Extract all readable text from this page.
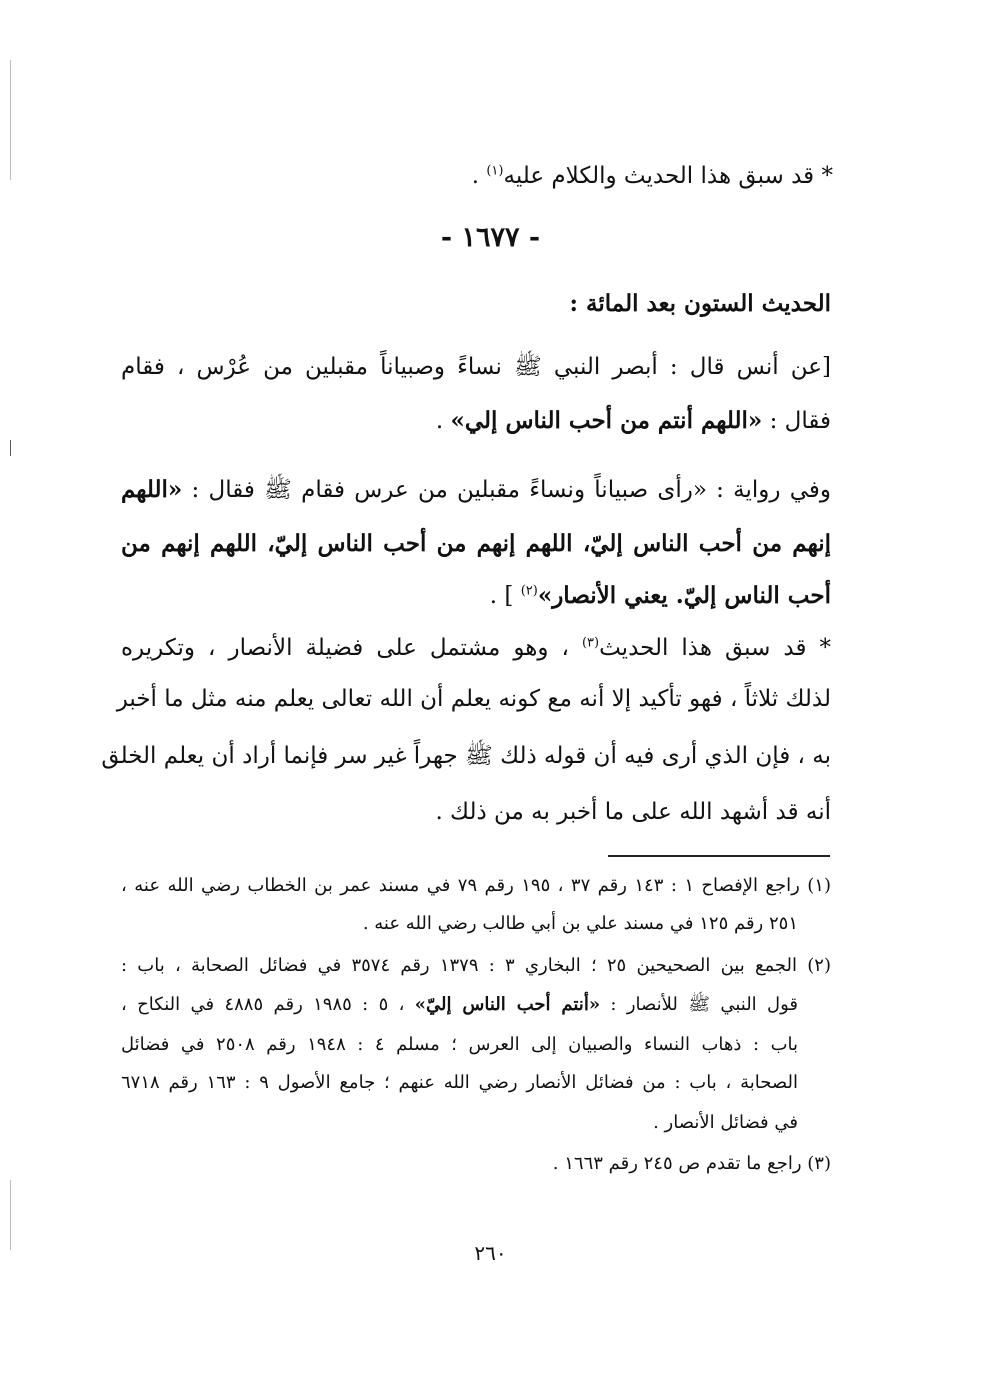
* قد سبق هذا الحديث والكلام عليه$^{(١)}$ .
- ١٦٧٧ -
الحديث الستون بعد المائة :
[عن أنس قال : أبصر النبي ﷺ نساءً وصبياناً مقبلين من عُرْس ، فقام
فقال : «اللهم أنتم من أحب الناس إلي» .
وفي رواية : «رأى صبياناً ونساءً مقبلين من عرس فقام ﷺ فقال : «اللهم
إنهم من أحب الناس إليّ، اللهم إنهم من أحب الناس إليّ، اللهم إنهم من
أحب الناس إليّ. يعني الأنصار»$^{(٢)}$ ] .
* قد سبق هذا الحديث$^{(٣)}$ ، وهو مشتمل على فضيلة الأنصار ، وتكريره
لذلك ثلاثاً ، فهو تأكيد إلا أنه مع كونه يعلم أن الله تعالى يعلم منه مثل ما أخبر
به ، فإن الذي أرى فيه أن قوله ذلك ﷺ جهراً غير سر فإنما أراد أن يعلم الخلق
أنه قد أشهد الله على ما أخبر به من ذلك .
(١) راجع الإفصاح ١ : ١٤٣ رقم ٣٧ ، ١٩٥ رقم ٧٩ في مسند عمر بن الخطاب رضي الله عنه ،
٢٥١ رقم ١٢٥ في مسند علي بن أبي طالب رضي الله عنه .
(٢) الجمع بين الصحيحين ٢٥ ؛ البخاري ٣ : ١٣٧٩ رقم ٣٥٧٤ في فضائل الصحابة ، باب :
قول النبي ﷺ للأنصار : «أنتم أحب الناس إليّ» ، ٥ : ١٩٨٥ رقم ٤٨٨٥ في النكاح ،
باب : ذهاب النساء والصبيان إلى العرس ؛ مسلم ٤ : ١٩٤٨ رقم ٢٥٠٨ في فضائل
الصحابة ، باب : من فضائل الأنصار رضي الله عنهم ؛ جامع الأصول ٩ : ١٦٣ رقم ٦٧١٨
في فضائل الأنصار .
(٣) راجع ما تقدم ص ٢٤٥ رقم ١٦٦٣ .
٢٦٠
